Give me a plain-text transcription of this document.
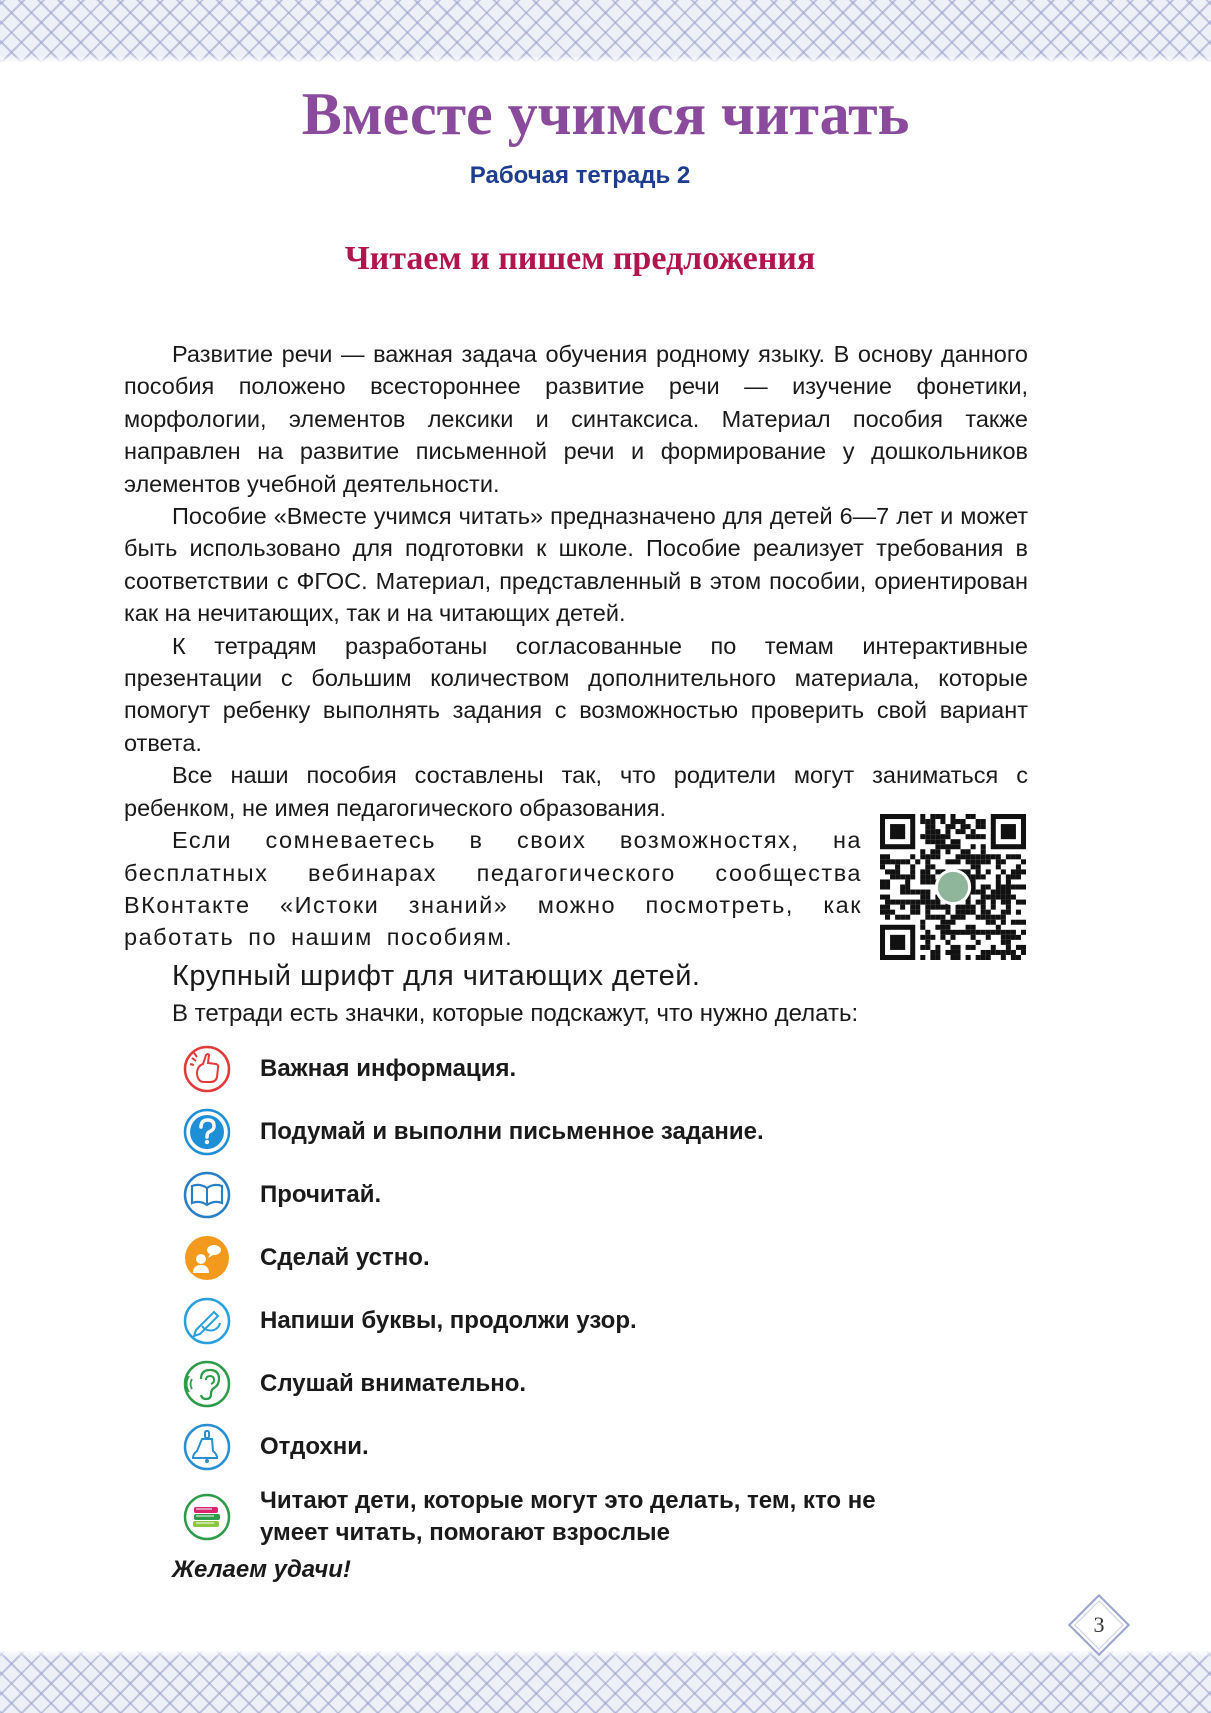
Вместе учимся читать
Рабочая тетрадь 2
Читаем и пишем предложения

Развитие речи — важная задача обучения родному языку. В основу данного пособия положено всестороннее развитие речи — изучение фонетики, морфологии, элементов лексики и синтаксиса. Материал пособия также направлен на развитие письменной речи и формирование у дошкольников элементов учебной деятельности.

Пособие «Вместе учимся читать» предназначено для детей 6—7 лет и может быть использовано для подготовки к школе. Пособие реализует требования в соответствии с ФГОС. Материал, представленный в этом пособии, ориентирован как на нечитающих, так и на читающих детей.

К тетрадям разработаны согласованные по темам интерактивные презентации с большим количеством дополнительного материала, которые помогут ребенку выполнять задания с возможностью проверить свой вариант ответа.

Все наши пособия составлены так, что родители могут заниматься с ребенком, не имея педагогического образования.

Если сомневаетесь в своих возможностях, на бесплатных вебинарах педагогического сообщества ВКонтакте «Истоки знаний» можно посмотреть, как работать по нашим пособиям.

Крупный шрифт для читающих детей.

В тетради есть значки, которые подскажут, что нужно делать:

Важная информация.
Подумай и выполни письменное задание.
Прочитай.
Сделай устно.
Напиши буквы, продолжи узор.
Слушай внимательно.
Отдохни.
Читают дети, которые могут это делать, тем, кто не умеет читать, помогают взрослые

Желаем удачи!

3
